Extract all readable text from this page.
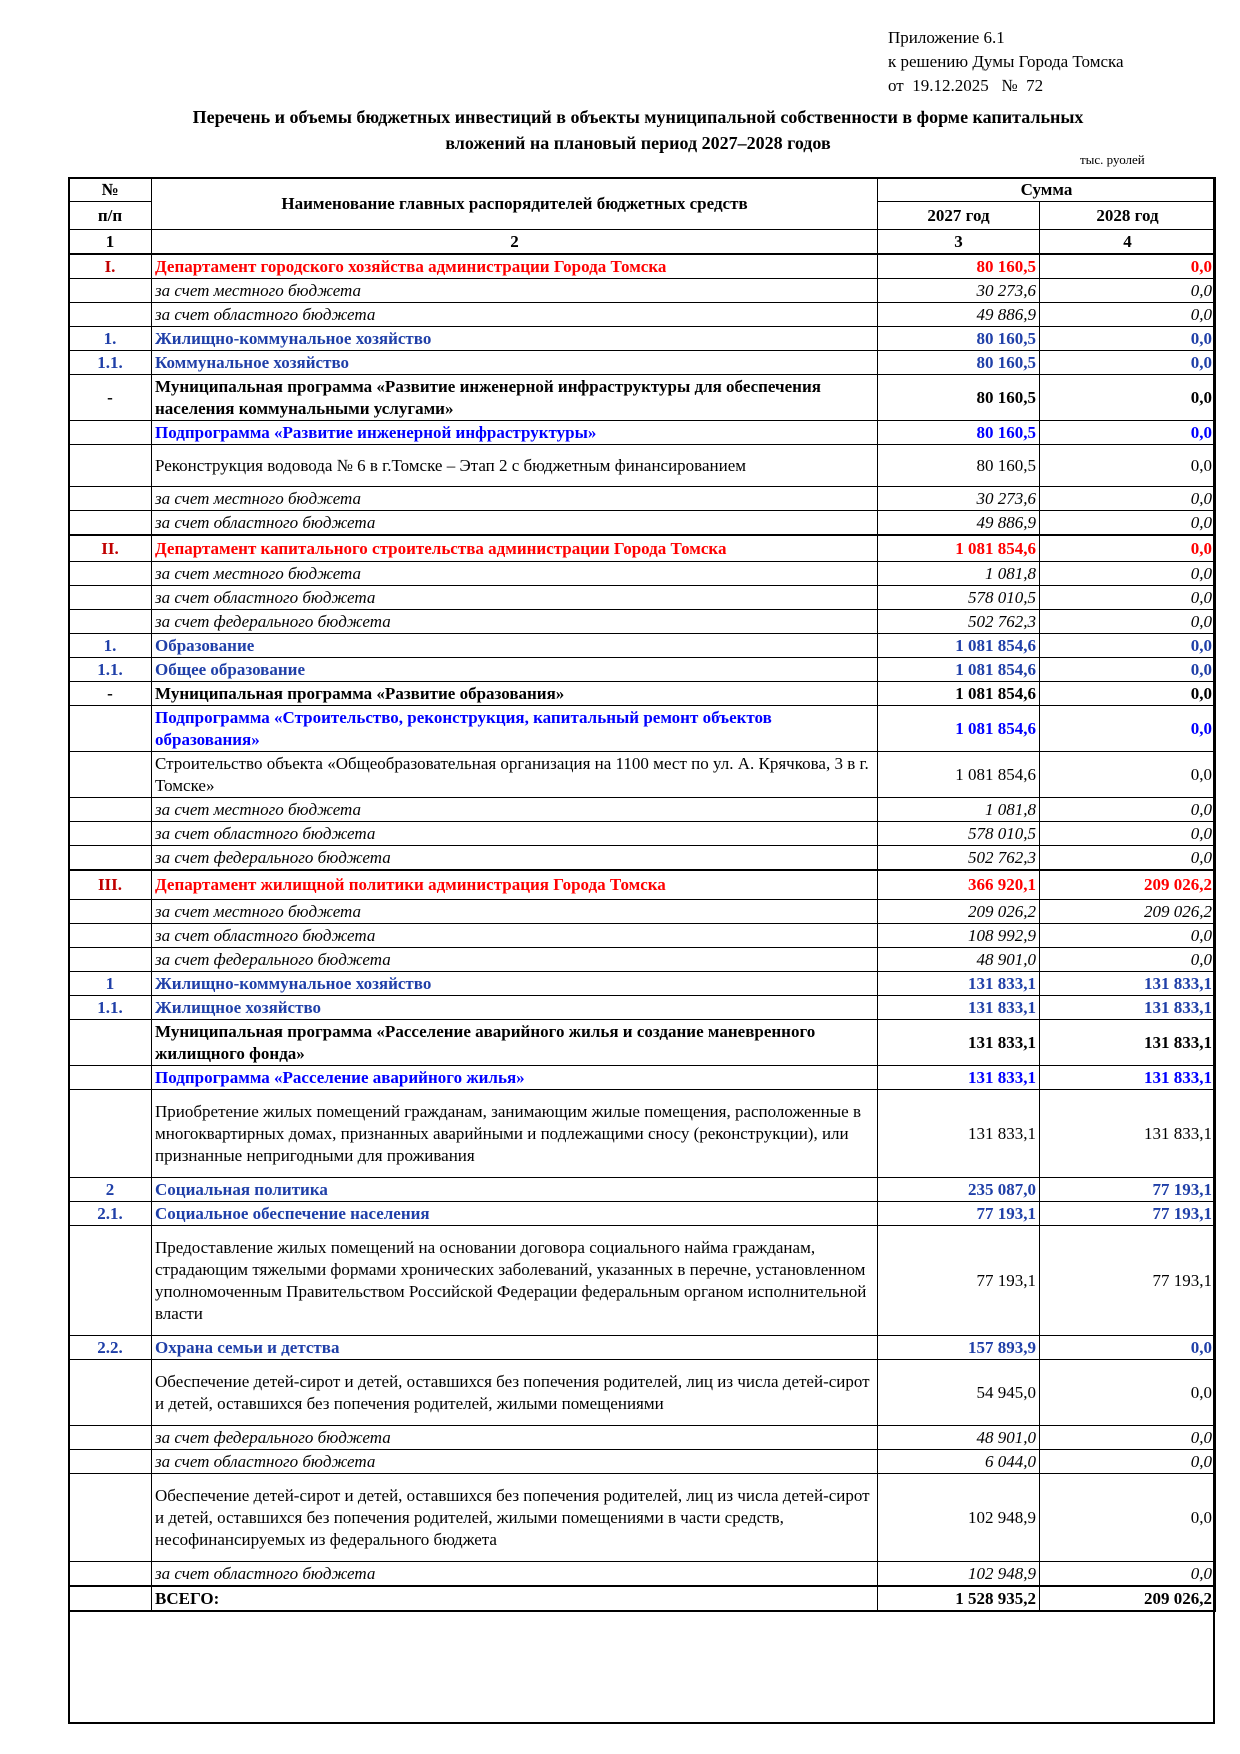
Приложение 6.1
к решению Думы Города Томска
от  19.12.2025   №  72
Перечень и объемы бюджетных инвестиций в объекты муниципальной собственности в форме капитальных
вложений на плановый период 2027–2028 годов
тыс. руолей
№	Наименование главных распорядителей бюджетных средств	Сумма	
п/п		2027 год	2028 год
1	2	3	4
I.	Департамент городского хозяйства администрации Города Томска	80 160,5	0,0
	за счет местного бюджета	30 273,6	0,0
	за счет областного бюджета	49 886,9	0,0
1.	Жилищно-коммунальное хозяйство	80 160,5	0,0
1.1.	Коммунальное хозяйство	80 160,5	0,0
-	Муниципальная программа «Развитие инженерной инфраструктуры для обеспечения населения коммунальными услугами»	80 160,5	0,0
	Подпрограмма «Развитие инженерной инфраструктуры»	80 160,5	0,0
	Реконструкция водовода № 6 в г.Томске – Этап 2 с бюджетным финансированием	80 160,5	0,0
	за счет местного бюджета	30 273,6	0,0
	за счет областного бюджета	49 886,9	0,0
II.	Департамент капитального строительства администрации Города Томска	1 081 854,6	0,0
	за счет местного бюджета	1 081,8	0,0
	за счет областного бюджета	578 010,5	0,0
	за счет федерального бюджета	502 762,3	0,0
1.	Образование	1 081 854,6	0,0
1.1.	Общее образование	1 081 854,6	0,0
-	Муниципальная программа «Развитие образования»	1 081 854,6	0,0
	Подпрограмма «Строительство, реконструкция, капитальный ремонт объектов образования»	1 081 854,6	0,0
	Строительство объекта «Общеобразовательная организация на 1100 мест по ул. А. Крячкова, 3 в г. Томске»	1 081 854,6	0,0
	за счет местного бюджета	1 081,8	0,0
	за счет областного бюджета	578 010,5	0,0
	за счет федерального бюджета	502 762,3	0,0
III.	Департамент жилищной политики администрация Города Томска	366 920,1	209 026,2
	за счет местного бюджета	209 026,2	209 026,2
	за счет областного бюджета	108 992,9	0,0
	за счет федерального бюджета	48 901,0	0,0
1	Жилищно-коммунальное хозяйство	131 833,1	131 833,1
1.1.	Жилищное хозяйство	131 833,1	131 833,1
	Муниципальная программа «Расселение аварийного жилья и создание маневренного жилищного фонда»	131 833,1	131 833,1
	Подпрограмма «Расселение аварийного жилья»	131 833,1	131 833,1
	Приобретение жилых помещений гражданам, занимающим жилые помещения, расположенные в многоквартирных домах, признанных аварийными и подлежащими сносу (реконструкции), или признанные непригодными для проживания	131 833,1	131 833,1
2	Социальная политика	235 087,0	77 193,1
2.1.	Социальное обеспечение населения	77 193,1	77 193,1
	Предоставление жилых помещений на основании договора социального найма гражданам, страдающим тяжелыми формами хронических заболеваний, указанных в перечне, установленном уполномоченным Правительством Российской Федерации федеральным органом исполнительной власти	77 193,1	77 193,1
2.2.	Охрана семьи и детства	157 893,9	0,0
	Обеспечение детей-сирот и детей, оставшихся без попечения родителей, лиц из числа детей-сирот и детей, оставшихся без попечения родителей, жилыми помещениями	54 945,0	0,0
	за счет федерального бюджета	48 901,0	0,0
	за счет областного бюджета	6 044,0	0,0
	Обеспечение детей-сирот и детей, оставшихся без попечения родителей, лиц из числа детей-сирот и детей, оставшихся без попечения родителей, жилыми помещениями в части средств, несофинансируемых из федерального бюджета	102 948,9	0,0
	за счет областного бюджета	102 948,9	0,0
	ВСЕГО:	1 528 935,2	209 026,2
